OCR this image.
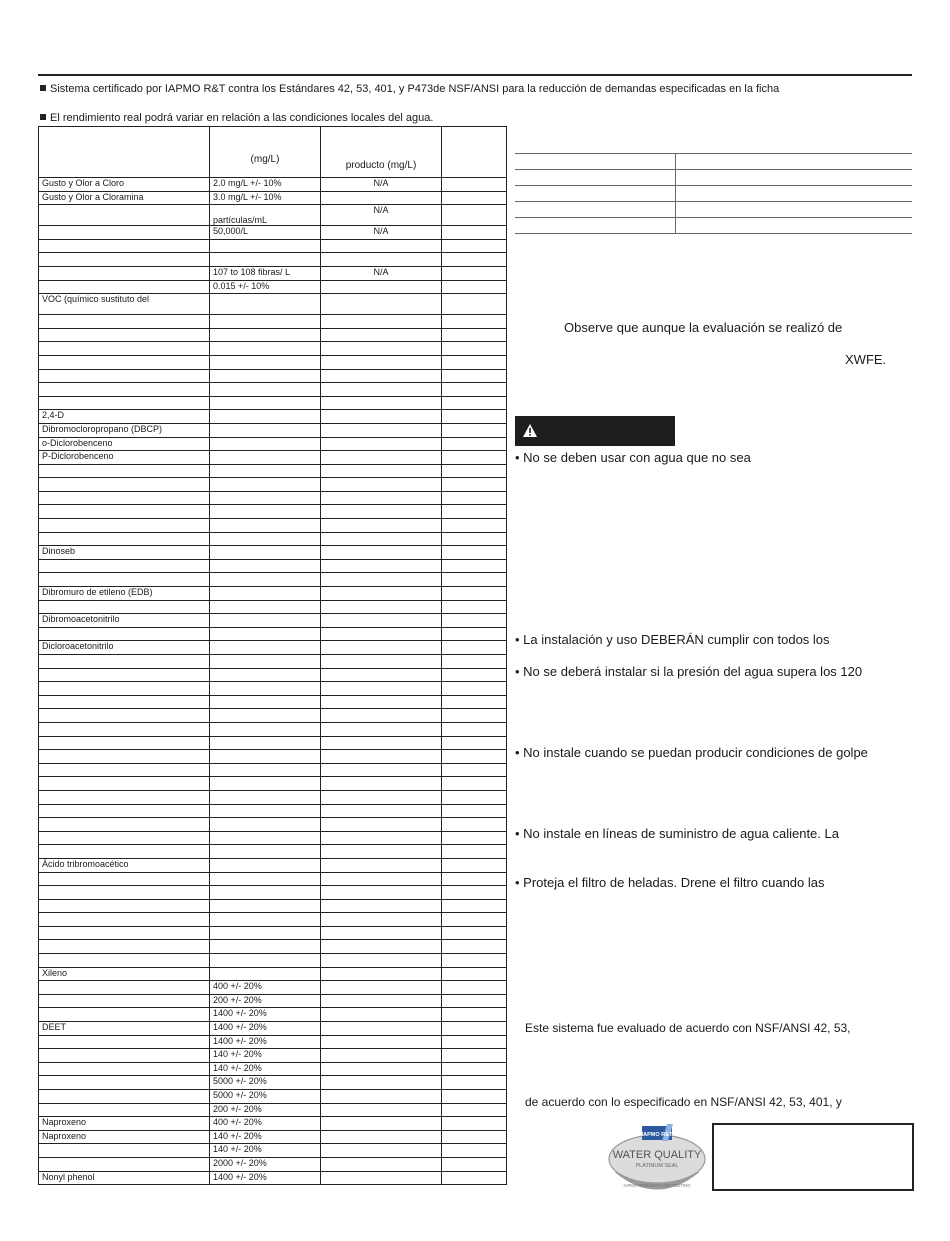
Sistema certificado por IAPMO R&T contra los Estándares 42, 53, 401, y P473de NSF/ANSI para la reducción de demandas especificadas en la ficha
El rendimiento real podrá variar en relación a las condiciones locales del agua.

	(mg/L)	producto (mg/L)	

Gusto y Olor a Cloro	2.0 mg/L +/- 10%	N/A	
Gusto y Olor a Cloramina	3.0 mg/L +/- 10%		
	partículas/mL	N/A	
	50,000/L	N/A	

	107 to 108 fibras/ L	N/A	
	0.015 +/- 10%		
VOC (químico sustituto del			

2,4-D			
Dibromocloropropano (DBCP)			
o-Diclorobenceno			
P-Diclorobenceno			

Dinoseb			

Dibromuro de etileno (EDB)			

Dibromoacetonitrilo			

Dicloroacetonitrilo			

Ácido tribromoacético			

Xileno			
	400 +/- 20%		
	200 +/- 20%		
	1400 +/- 20%		
DEET	1400 +/- 20%		
	1400 +/- 20%		
	140 +/- 20%		
	140 +/- 20%		
	5000 +/- 20%		
	5000 +/- 20%		
	200 +/- 20%		
Naproxeno	400 +/- 20%		
Naproxeno	140 +/- 20%		
	140 +/- 20%		
	2000 +/- 20%		
Nonyl phenol	1400 +/- 20%		
Observe que aunque la evaluación se realizó de
XWFE.
• No se deben usar con agua que no sea
• La instalación y uso DEBERÁN cumplir con todos los
• No se deberá instalar si la presión del agua supera los 120
• No instale cuando se puedan producir condiciones de golpe
• No instale en líneas de suministro de agua caliente. La
• Proteja el filtro de heladas. Drene el filtro cuando las
Este sistema fue evaluado de acuerdo con NSF/ANSI 42, 53,
de acuerdo con lo especificado en NSF/ANSI 42, 53, 401, y
IAPMO R&T
WATER QUALITY
PLATINUM SEAL
IAPMO RESEARCH AND TESTING
